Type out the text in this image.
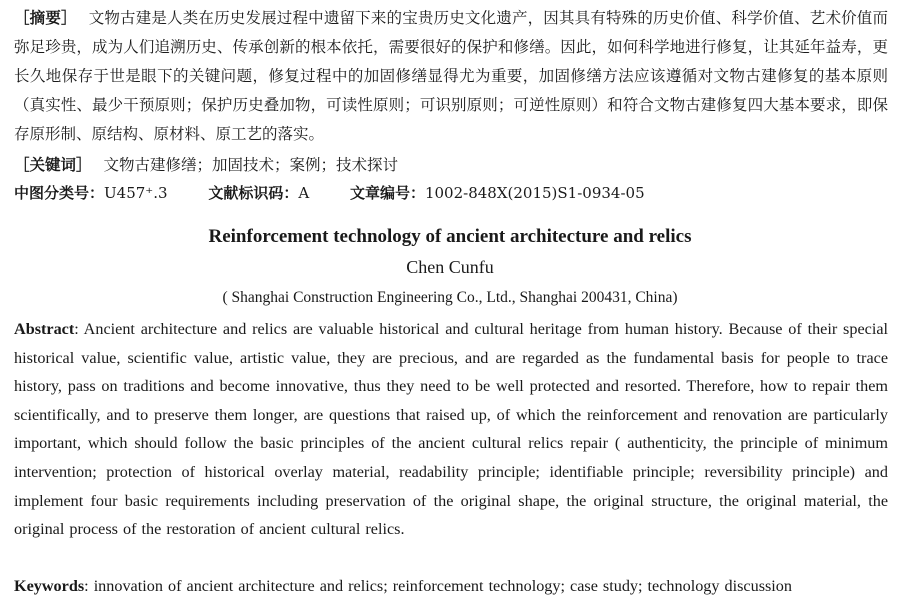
［摘要］ 文物古建是人类在历史发展过程中遗留下来的宝贵历史文化遗产，因其具有特殊的历史价值、科学价值、艺术价值而弥足珍贵，成为人们追溯历史、传承创新的根本依托，需要很好的保护和修缮。因此，如何科学地进行修复，让其延年益寿，更长久地保存于世是眼下的关键问题，修复过程中的加固修缮显得尤为重要，加固修缮方法应该遵循对文物古建修复的基本原则（真实性、最少干预原则；保护历史叠加物，可读性原则；可识别原则；可逆性原则）和符合文物古建修复四大基本要求，即保存原形制、原结构、原材料、原工艺的落实。
［关键词］ 文物古建修缮；加固技术；案例；技术探讨
中图分类号：U457⁺.3	文献标识码：A	文章编号：1002-848X(2015)S1-0934-05
Reinforcement technology of ancient architecture and relics
Chen Cunfu
( Shanghai Construction Engineering Co., Ltd., Shanghai 200431, China)
Abstract: Ancient architecture and relics are valuable historical and cultural heritage from human history. Because of their special historical value, scientific value, artistic value, they are precious, and are regarded as the fundamental basis for people to trace history, pass on traditions and become innovative, thus they need to be well protected and resorted. Therefore, how to repair them scientifically, and to preserve them longer, are questions that raised up, of which the reinforcement and renovation are particularly important, which should follow the basic principles of the ancient cultural relics repair ( authenticity, the principle of minimum intervention; protection of historical overlay material, readability principle; identifiable principle; reversibility principle) and implement four basic requirements including preservation of the original shape, the original structure, the original material, the original process of the restoration of ancient cultural relics.
Keywords: innovation of ancient architecture and relics; reinforcement technology; case study; technology discussion
